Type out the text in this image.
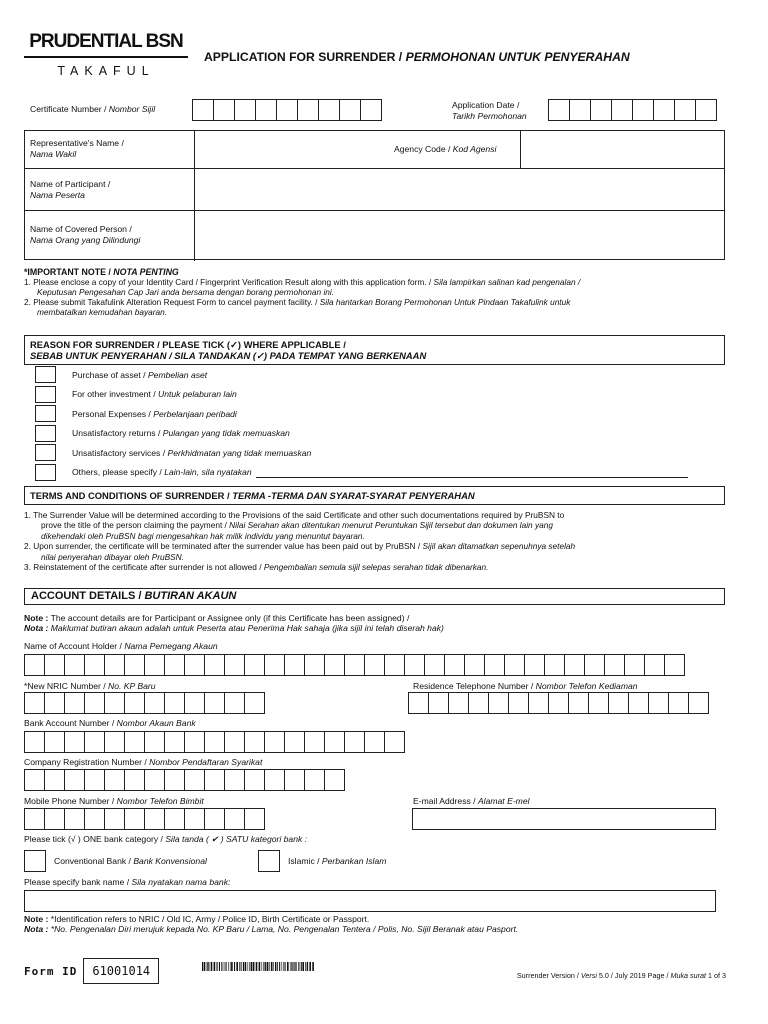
PRUDENTIAL BSN
TAKAFUL
APPLICATION FOR SURRENDER / PERMOHONAN UNTUK PENYERAHAN
Certificate Number / Nombor Sijil	Application Date /
Tarikh Permohonan
Representative's Name /
Nama Wakil	Agency Code / Kod Agensi
Name of Participant /
Nama Peserta
Name of Covered Person /
Nama Orang yang Dilindungi
*IMPORTANT NOTE / NOTA PENTING
1. Please enclose a copy of your Identity Card / Fingerprint Verification Result along with this application form. / Sila lampirkan salinan kad pengenalan /
Keputusan Pengesahan Cap Jari anda bersama dengan borang permohonan ini.
2. Please submit Takafulink Alteration Request Form to cancel payment facility. / Sila hantarkan Borang Permohonan Untuk Pindaan Takafulink untuk
membatalkan kemudahan bayaran.
REASON FOR SURRENDER / PLEASE TICK (✓) WHERE APPLICABLE /
SEBAB UNTUK PENYERAHAN / SILA TANDAKAN (✓) PADA TEMPAT YANG BERKENAAN
Purchase of asset / Pembelian aset
For other investment / Untuk pelaburan lain
Personal Expenses / Perbelanjaan peribadi
Unsatisfactory returns / Pulangan yang tidak memuaskan
Unsatisfactory services / Perkhidmatan yang tidak memuaskan
Others, please specify / Lain-lain, sila nyatakan
TERMS AND CONDITIONS OF SURRENDER / TERMA -TERMA DAN SYARAT-SYARAT PENYERAHAN
1. The Surrender Value will be determined according to the Provisions of the said Certificate and other such documentations required by PruBSN to
prove the title of the person claiming the payment / Nilai Serahan akan ditentukan menurut Peruntukan Sijil tersebut dan dokumen lain yang
dikehendaki oleh PruBSN bagi mengesahkan hak milik individu yang menuntut bayaran.
2. Upon surrender, the certificate will be terminated after the surrender value has been paid out by PruBSN / Sijil akan ditamatkan sepenuhnya setelah
nilai penyerahan dibayar oleh PruBSN.
3. Reinstatement of the certificate after surrender is not allowed / Pengembalian semula sijil selepas serahan tidak dibenarkan.
ACCOUNT DETAILS / BUTIRAN AKAUN
Note : The account details are for Participant or Assignee only (if this Certificate has been assigned) /
Nota : Maklumat butiran akaun adalah untuk Peserta atau Penerima Hak sahaja (jika sijil ini telah diserah hak)
Name of Account Holder / Nama Pemegang Akaun
*New NRIC Number / No. KP Baru	Residence Telephone Number / Nombor Telefon Kediaman
Bank Account Number / Nombor Akaun Bank
Company Registration Number / Nombor Pendaftaran Syarikat
Mobile Phone Number / Nombor Telefon Bimbit	E-mail Address / Alamat E-mel
Please tick (√ ) ONE bank category / Sila tanda ( ✔ ) SATU kategori bank :
Conventional Bank / Bank Konvensional	Islamic / Perbankan Islam
Please specify bank name / Sila nyatakan nama bank:
Note : *Identification refers to NRIC / Old IC, Army / Police ID, Birth Certificate or Passport.
Nota : *No. Pengenalan Diri merujuk kepada No. KP Baru / Lama, No. Pengenalan Tentera / Polis, No. Sijil Beranak atau Pasport.
Form ID	61001014	Surrender Version / Versi 5.0 / July 2019 Page / Muka surat 1 of 3
